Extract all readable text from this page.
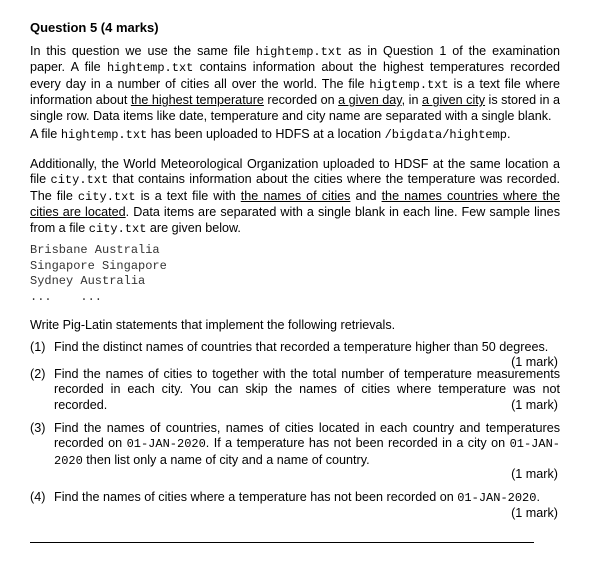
Question 5 (4 marks)
In this question we use the same file hightemp.txt as in Question 1 of the examination paper. A file hightemp.txt contains information about the highest temperatures recorded every day in a number of cities all over the world. The file higtemp.txt is a text file where information about the highest temperature recorded on a given day, in a given city is stored in a single row. Data items like date, temperature and city name are separated with a single blank.
A file hightemp.txt has been uploaded to HDFS at a location /bigdata/hightemp.
Additionally, the World Meteorological Organization uploaded to HDSF at the same location a file city.txt that contains information about the cities where the temperature was recorded. The file city.txt is a text file with the names of cities and the names countries where the cities are located. Data items are separated with a single blank in each line. Few sample lines from a file city.txt are given below.
Brisbane Australia
Singapore Singapore
Sydney Australia
...    ...
Write Pig-Latin statements that implement the following retrievals.
(1) Find the distinct names of countries that recorded a temperature higher than 50 degrees.
(1 mark)
(2) Find the names of cities to together with the total number of temperature measurements recorded in each city. You can skip the names of cities where temperature was not recorded.	(1 mark)
(3) Find the names of countries, names of cities located in each country and temperatures recorded on 01-JAN-2020. If a temperature has not been recorded in a city on 01-JAN-2020 then list only a name of city and a name of country.
(1 mark)
(4) Find the names of cities where a temperature has not been recorded on 01-JAN-2020.
(1 mark)
